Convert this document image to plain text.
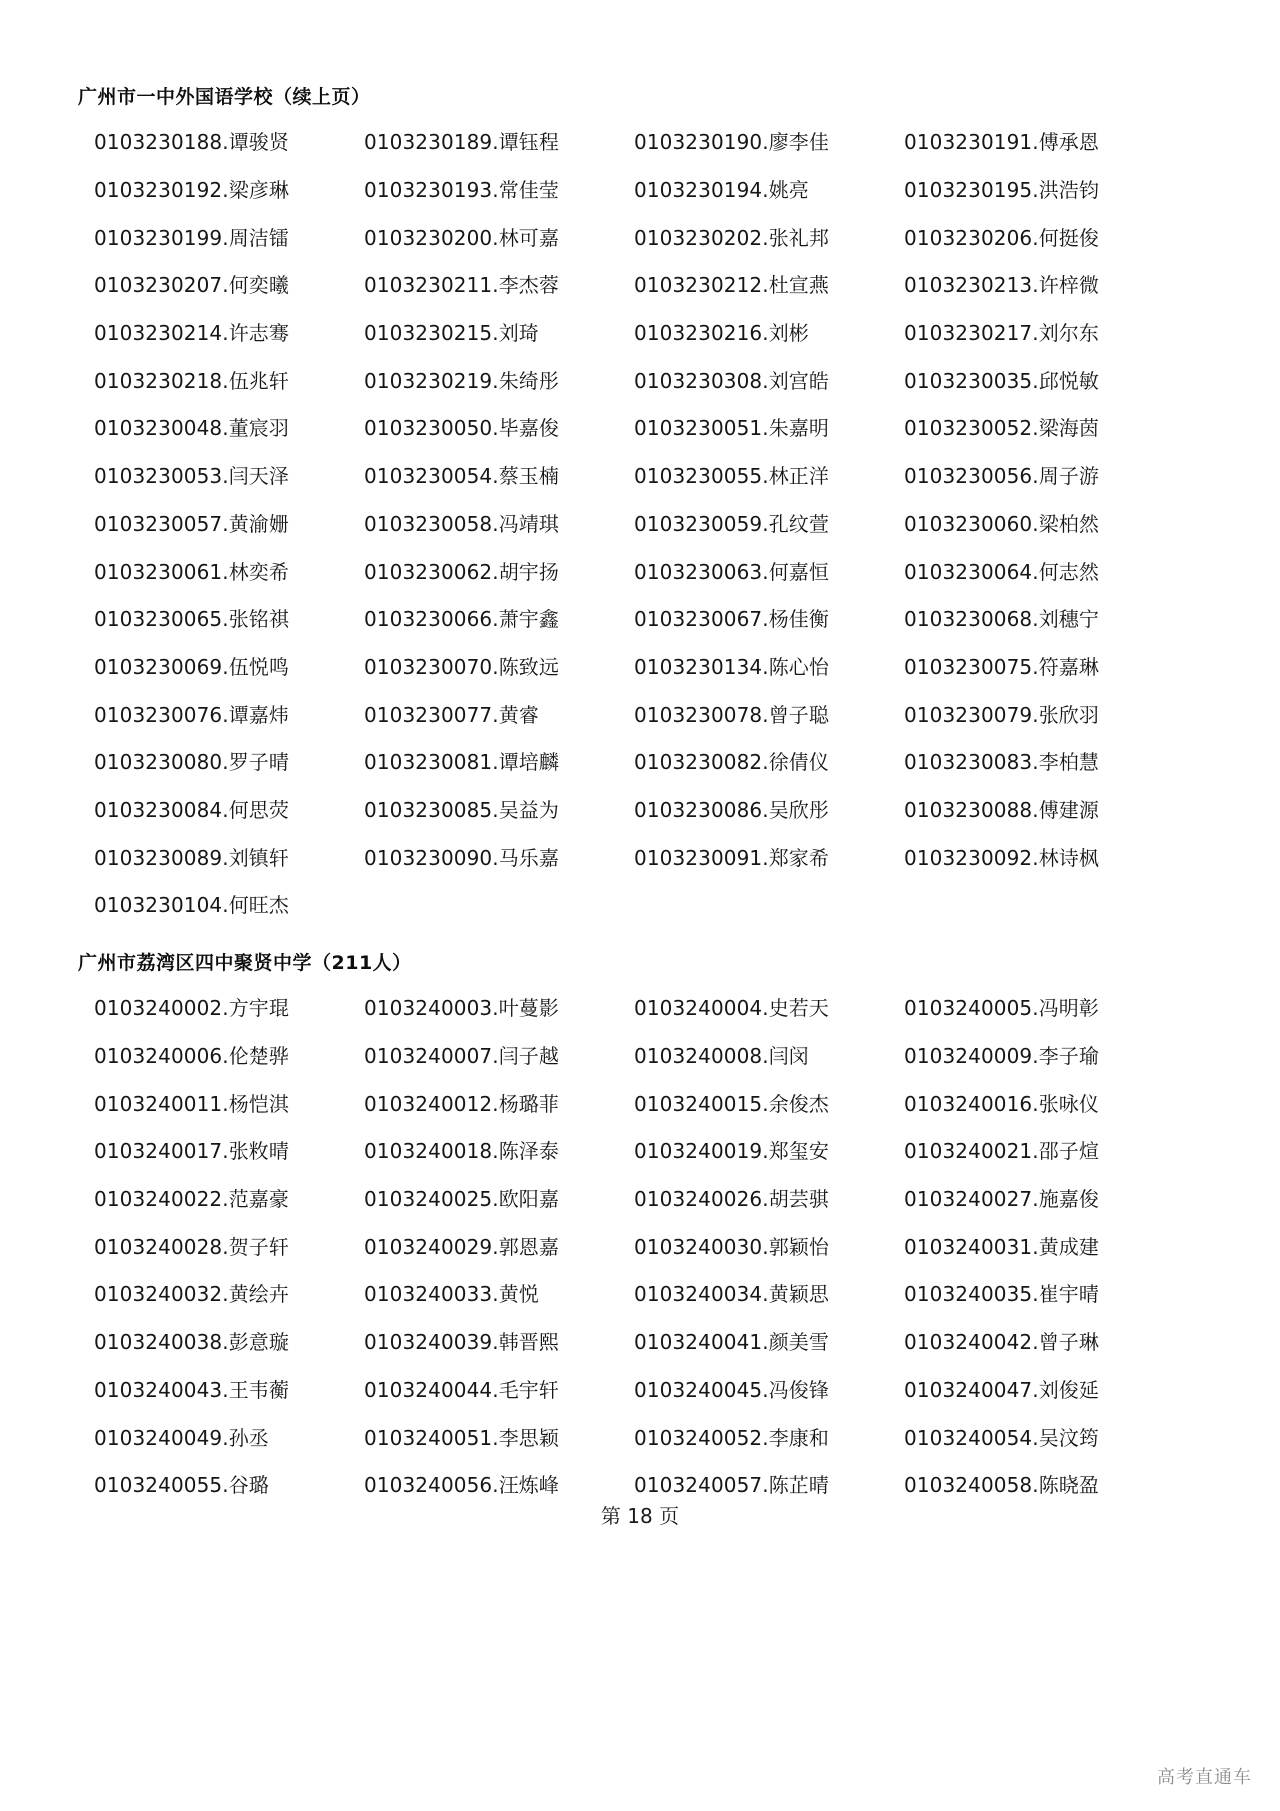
广州市一中外国语学校（续上页）
0103230188.谭骏贤	0103230189.谭钰程	0103230190.廖李佳	0103230191.傅承恩
0103230192.梁彦琳	0103230193.常佳莹	0103230194.姚亮	0103230195.洪浩钧
0103230199.周洁镭	0103230200.林可嘉	0103230202.张礼邦	0103230206.何挺俊
0103230207.何奕曦	0103230211.李杰蓉	0103230212.杜宣燕	0103230213.许梓微
0103230214.许志骞	0103230215.刘琦	0103230216.刘彬	0103230217.刘尔东
0103230218.伍兆轩	0103230219.朱绮彤	0103230308.刘宫皓	0103230035.邱悦敏
0103230048.董宸羽	0103230050.毕嘉俊	0103230051.朱嘉明	0103230052.梁海茵
0103230053.闫天泽	0103230054.蔡玉楠	0103230055.林正洋	0103230056.周子游
0103230057.黄渝姗	0103230058.冯靖琪	0103230059.孔纹萱	0103230060.梁柏然
0103230061.林奕希	0103230062.胡宇扬	0103230063.何嘉恒	0103230064.何志然
0103230065.张铭祺	0103230066.萧宇鑫	0103230067.杨佳衡	0103230068.刘穗宁
0103230069.伍悦鸣	0103230070.陈致远	0103230134.陈心怡	0103230075.符嘉琳
0103230076.谭嘉炜	0103230077.黄睿	0103230078.曾子聪	0103230079.张欣羽
0103230080.罗子晴	0103230081.谭培麟	0103230082.徐倩仪	0103230083.李柏慧
0103230084.何思荧	0103230085.吴益为	0103230086.吴欣彤	0103230088.傅建源
0103230089.刘镇轩	0103230090.马乐嘉	0103230091.郑家希	0103230092.林诗枫
0103230104.何旺杰
广州市荔湾区四中聚贤中学（211人）
0103240002.方宇琨	0103240003.叶蔓影	0103240004.史若天	0103240005.冯明彰
0103240006.伦楚骅	0103240007.闫子越	0103240008.闫闵	0103240009.李子瑜
0103240011.杨恺淇	0103240012.杨璐菲	0103240015.余俊杰	0103240016.张咏仪
0103240017.张敉晴	0103240018.陈泽泰	0103240019.郑玺安	0103240021.邵子煊
0103240022.范嘉豪	0103240025.欧阳嘉	0103240026.胡芸骐	0103240027.施嘉俊
0103240028.贺子轩	0103240029.郭恩嘉	0103240030.郭颖怡	0103240031.黄成建
0103240032.黄绘卉	0103240033.黄悦	0103240034.黄颖思	0103240035.崔宇晴
0103240038.彭意璇	0103240039.韩晋熙	0103240041.颜美雪	0103240042.曾子琳
0103240043.王韦蘅	0103240044.毛宇轩	0103240045.冯俊锋	0103240047.刘俊延
0103240049.孙丞	0103240051.李思颖	0103240052.李康和	0103240054.吴汶筠
0103240055.谷璐	0103240056.汪炼峰	0103240057.陈芷晴	0103240058.陈晓盈
第 18 页
高考直通车
